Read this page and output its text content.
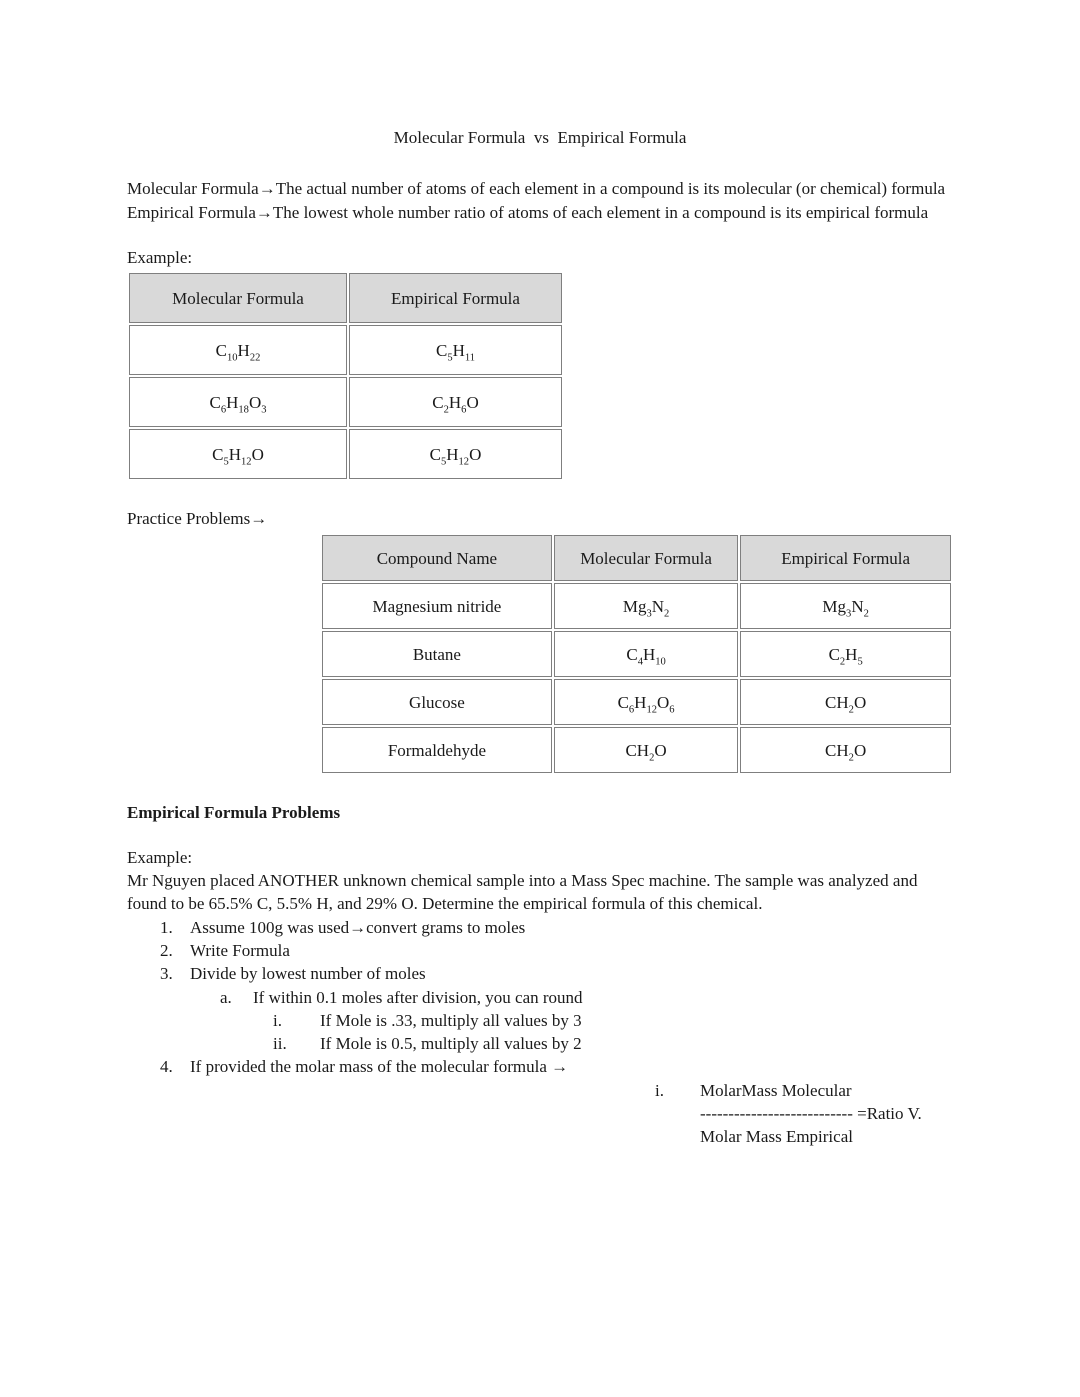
Molecular Formula  vs  Empirical Formula

Molecular Formula→The actual number of atoms of each element in a compound is its molecular (or chemical) formula

Empirical Formula→The lowest whole number ratio of atoms of each element in a compound is its empirical formula

Example:
Molecular Formula	Empirical Formula
$C_{10}H_{22}$	$C_5H_{11}$
$C_6H_{18}O_3$	$C_2H_6O$
$C_5H_{12}O$	$C_5H_{12}O$
Practice Problems→
Compound Name	Molecular Formula	Empirical Formula
Magnesium nitride	$Mg_3N_2$	$Mg_3N_2$
Butane	$C_4H_{10}$	$C_2H_5$
Glucose	$C_6H_{12}O_6$	$CH_2O$
Formaldehyde	$CH_2O$	$CH_2O$
Empirical Formula Problems
Example:

Mr Nguyen placed ANOTHER unknown chemical sample into a Mass Spec machine. The sample was analyzed and found to be 65.5% C, 5.5% H, and 29% O. Determine the empirical formula of this chemical.

1.	Assume 100g was used→convert grams to moles
2.	Write Formula
3.	Divide by lowest number of moles
a.	If within 0.1 moles after division, you can round
i.	If Mole is .33, multiply all values by 3
ii.	If Mole is 0.5, multiply all values by 2
4.	If provided the molar mass of the molecular formula →
i.	MolarMass Molecular
--------------------------- =Ratio V.
Molar Mass Empirical
